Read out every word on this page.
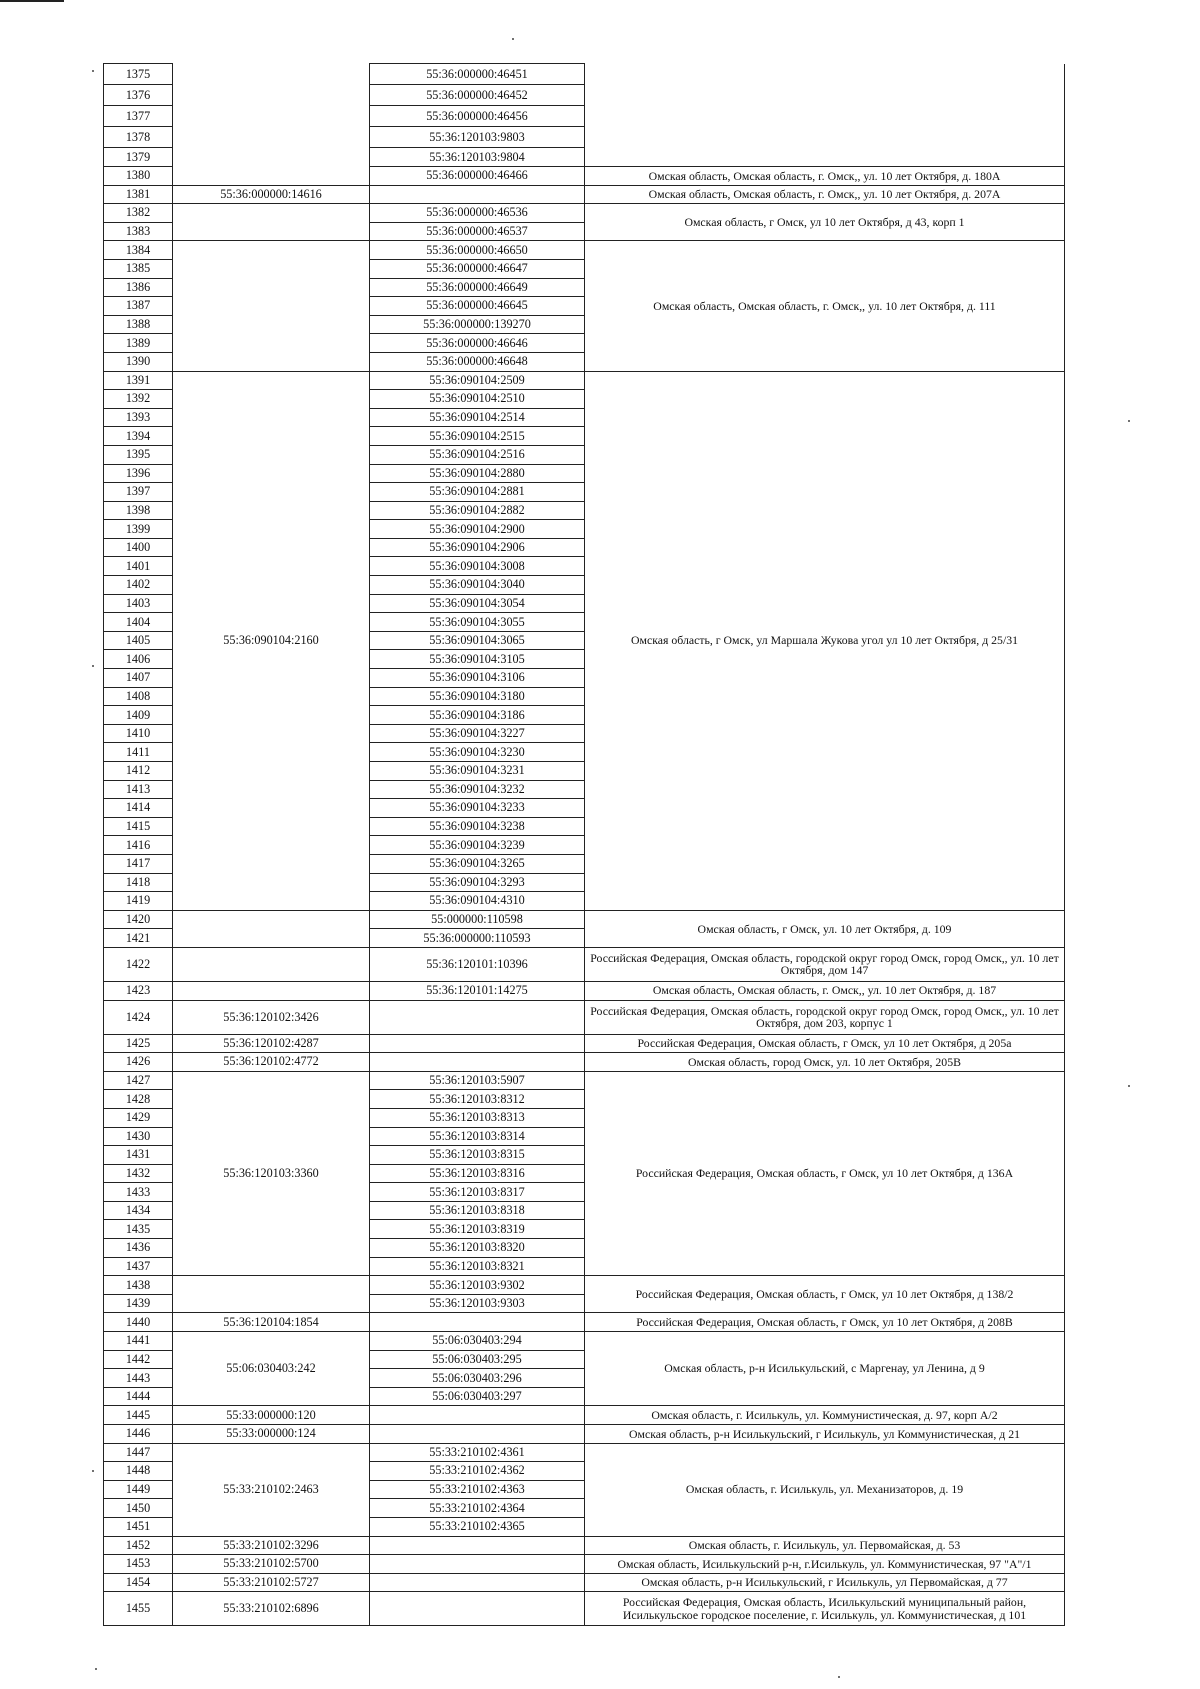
1375		55:36:000000:46451	
1376		55:36:000000:46452	
1377		55:36:000000:46456	
1378		55:36:120103:9803	
1379		55:36:120103:9804	
1380		55:36:000000:46466	Омская область, Омская область, г. Омск,, ул. 10 лет Октября, д. 180А
1381	55:36:000000:14616		Омская область, Омская область, г. Омск,, ул. 10 лет Октября, д. 207А
1382		55:36:000000:46536	Омская область, г Омск, ул 10 лет Октября, д 43, корп 1
1383		55:36:000000:46537	
1384		55:36:000000:46650	Омская область, Омская область, г. Омск,, ул. 10 лет Октября, д. 111
1385		55:36:000000:46647	
1386		55:36:000000:46649	
1387		55:36:000000:46645	
1388		55:36:000000:139270	
1389		55:36:000000:46646	
1390		55:36:000000:46648	
1391	55:36:090104:2160	55:36:090104:2509	Омская область, г Омск, ул Маршала Жукова угол ул 10 лет Октября, д 25/31
1392		55:36:090104:2510	
1393		55:36:090104:2514	
1394		55:36:090104:2515	
1395		55:36:090104:2516	
1396		55:36:090104:2880	
1397		55:36:090104:2881	
1398		55:36:090104:2882	
1399		55:36:090104:2900	
1400		55:36:090104:2906	
1401		55:36:090104:3008	
1402		55:36:090104:3040	
1403		55:36:090104:3054	
1404		55:36:090104:3055	
1405		55:36:090104:3065	
1406		55:36:090104:3105	
1407		55:36:090104:3106	
1408		55:36:090104:3180	
1409		55:36:090104:3186	
1410		55:36:090104:3227	
1411		55:36:090104:3230	
1412		55:36:090104:3231	
1413		55:36:090104:3232	
1414		55:36:090104:3233	
1415		55:36:090104:3238	
1416		55:36:090104:3239	
1417		55:36:090104:3265	
1418		55:36:090104:3293	
1419		55:36:090104:4310	
1420		55:000000:110598	Омская область, г Омск, ул. 10 лет Октября, д. 109
1421		55:36:000000:110593	
1422		55:36:120101:10396	Российская Федерация, Омская область, городской округ город Омск, город Омск,, ул. 10 лет Октября, дом 147
1423		55:36:120101:14275	Омская область, Омская область, г. Омск,, ул. 10 лет Октября, д. 187
1424	55:36:120102:3426		Российская Федерация, Омская область, городской округ город Омск, город Омск,, ул. 10 лет Октября, дом 203, корпус 1
1425	55:36:120102:4287		Российская Федерация, Омская область, г Омск, ул 10 лет Октября, д 205а
1426	55:36:120102:4772		Омская область, город Омск, ул. 10 лет Октября, 205В
1427	55:36:120103:3360	55:36:120103:5907	Российская Федерация, Омская область, г Омск, ул 10 лет Октября, д 136А
1428		55:36:120103:8312	
1429		55:36:120103:8313	
1430		55:36:120103:8314	
1431		55:36:120103:8315	
1432		55:36:120103:8316	
1433		55:36:120103:8317	
1434		55:36:120103:8318	
1435		55:36:120103:8319	
1436		55:36:120103:8320	
1437		55:36:120103:8321	
1438		55:36:120103:9302	Российская Федерация, Омская область, г Омск, ул 10 лет Октября, д 138/2
1439		55:36:120103:9303	
1440	55:36:120104:1854		Российская Федерация, Омская область, г Омск, ул 10 лет Октября, д 208В
1441	55:06:030403:242	55:06:030403:294	Омская область, р-н Исилькульский, с Маргенау, ул Ленина, д 9
1442		55:06:030403:295	
1443		55:06:030403:296	
1444		55:06:030403:297	
1445	55:33:000000:120		Омская область, г. Исилькуль, ул. Коммунистическая, д. 97, корп А/2
1446	55:33:000000:124		Омская область, р-н Исилькульский, г Исилькуль, ул Коммунистическая, д 21
1447	55:33:210102:2463	55:33:210102:4361	Омская область, г. Исилькуль, ул. Механизаторов, д. 19
1448		55:33:210102:4362	
1449		55:33:210102:4363	
1450		55:33:210102:4364	
1451		55:33:210102:4365	
1452	55:33:210102:3296		Омская область, г. Исилькуль, ул. Первомайская, д. 53
1453	55:33:210102:5700		Омская область, Исилькульский р-н, г.Исилькуль, ул. Коммунистическая, 97 "А"/1
1454	55:33:210102:5727		Омская область, р-н Исилькульский, г Исилькуль, ул Первомайская, д 77
1455	55:33:210102:6896		Российская Федерация, Омская область, Исилькульский муниципальный район, Исилькульское городское поселение, г. Исилькуль, ул. Коммунистическая, д 101
